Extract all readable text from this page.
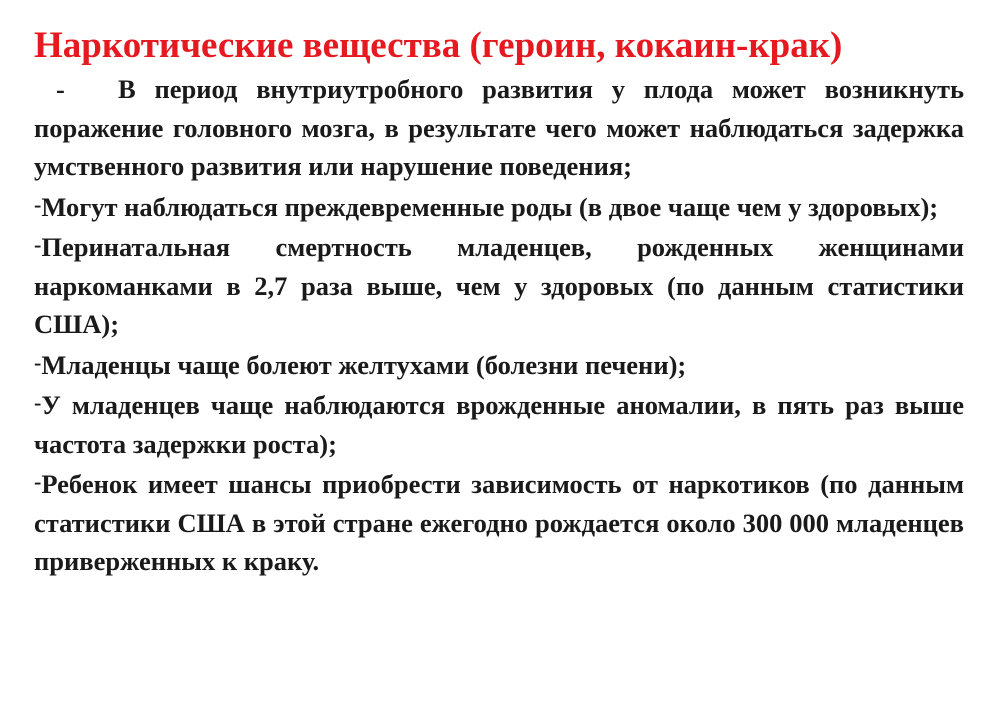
Наркотические вещества (героин, кокаин-крак)

- В период внутриутробного развития у плода может возникнуть поражение головного мозга, в результате чего может наблюдаться задержка умственного развития или нарушение поведения;

-Могут наблюдаться преждевременные роды (в двое чаще чем у здоровых);

-Перинатальная смертность младенцев, рожденных женщинами наркоманками в 2,7 раза выше, чем у здоровых (по данным статистики США);

-Младенцы чаще болеют желтухами (болезни печени);

-У младенцев чаще наблюдаются врожденные аномалии, в пять раз выше частота задержки роста);

-Ребенок имеет шансы приобрести зависимость от наркотиков (по данным статистики США в этой стране ежегодно рождается около 300 000 младенцев приверженных к краку.
